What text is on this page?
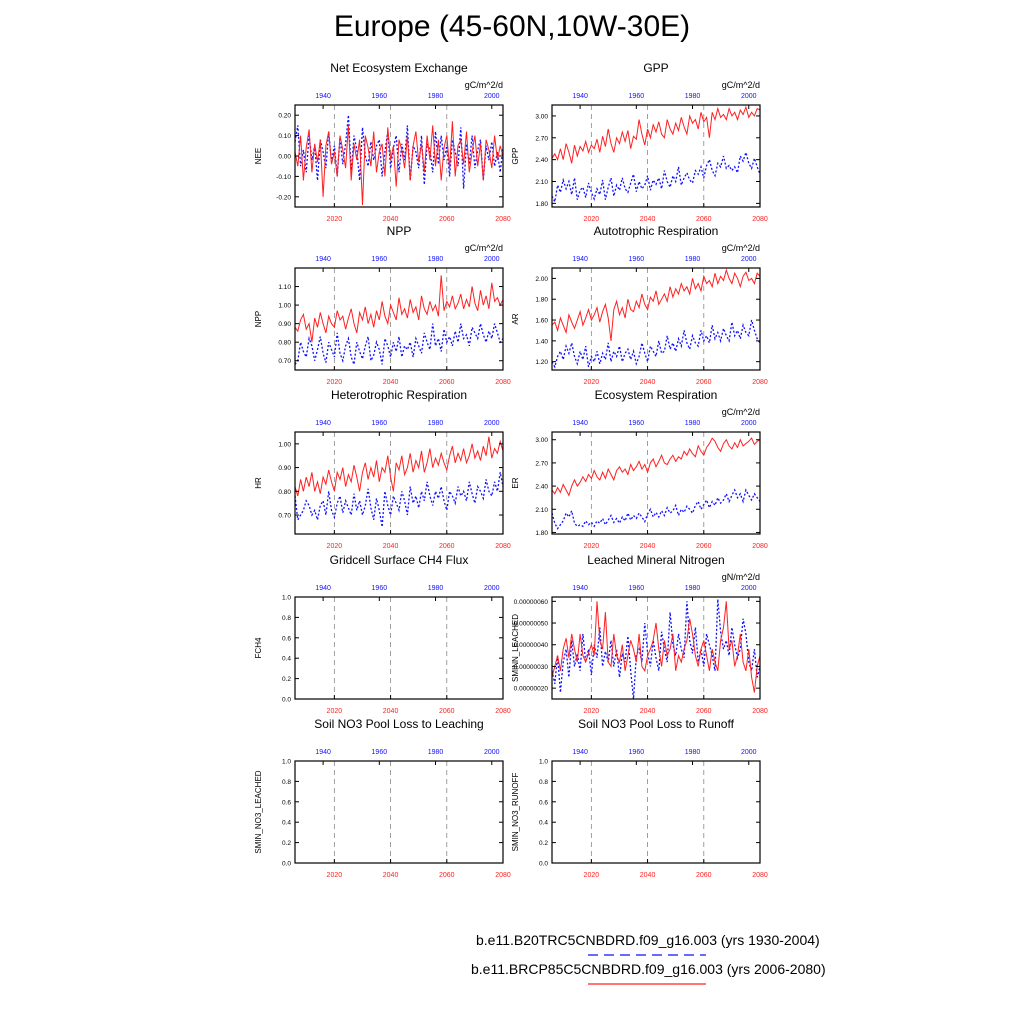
Europe (45-60N,10W-30E)
Net Ecosystem Exchange
gC/m^2/d
-0.20
-0.10
0.00
0.10
0.20
NEE
2020	2040	2060	2080
1940	1960	1980	2000
GPP
gC/m^2/d
1.80
2.10
2.40
2.70
3.00
GPP
2020	2040	2060	2080
1940	1960	1980	2000
NPP
gC/m^2/d
0.70
0.80
0.90
1.00
1.10
NPP
2020	2040	2060	2080
1940	1960	1980	2000
Autotrophic Respiration
gC/m^2/d
1.20
1.40
1.60
1.80
2.00
AR
2020	2040	2060	2080
1940	1960	1980	2000
Heterotrophic Respiration
0.70
0.80
0.90
1.00
HR
2020	2040	2060	2080
1940	1960	1980	2000
Ecosystem Respiration
gC/m^2/d
1.80
2.10
2.40
2.70
3.00
ER
2020	2040	2060	2080
1940	1960	1980	2000
Gridcell Surface CH4 Flux
0.0
0.2
0.4
0.6
0.8
1.0
FCH4
2020	2040	2060	2080
1940	1960	1980	2000
Leached Mineral Nitrogen
gN/m^2/d
0.00000020
0.00000030
0.00000040
0.00000050
0.00000060
SMINN_LEACHED
2020	2040	2060	2080
1940	1960	1980	2000
Soil NO3 Pool Loss to Leaching
0.0
0.2
0.4
0.6
0.8
1.0
SMIN_NO3_LEACHED
2020	2040	2060	2080
1940	1960	1980	2000
Soil NO3 Pool Loss to Runoff
0.0
0.2
0.4
0.6
0.8
1.0
SMIN_NO3_RUNOFF
2020	2040	2060	2080
1940	1960	1980	2000
b.e11.B20TRC5CNBDRD.f09_g16.003 (yrs 1930-2004)
b.e11.BRCP85C5CNBDRD.f09_g16.003 (yrs 2006-2080)
